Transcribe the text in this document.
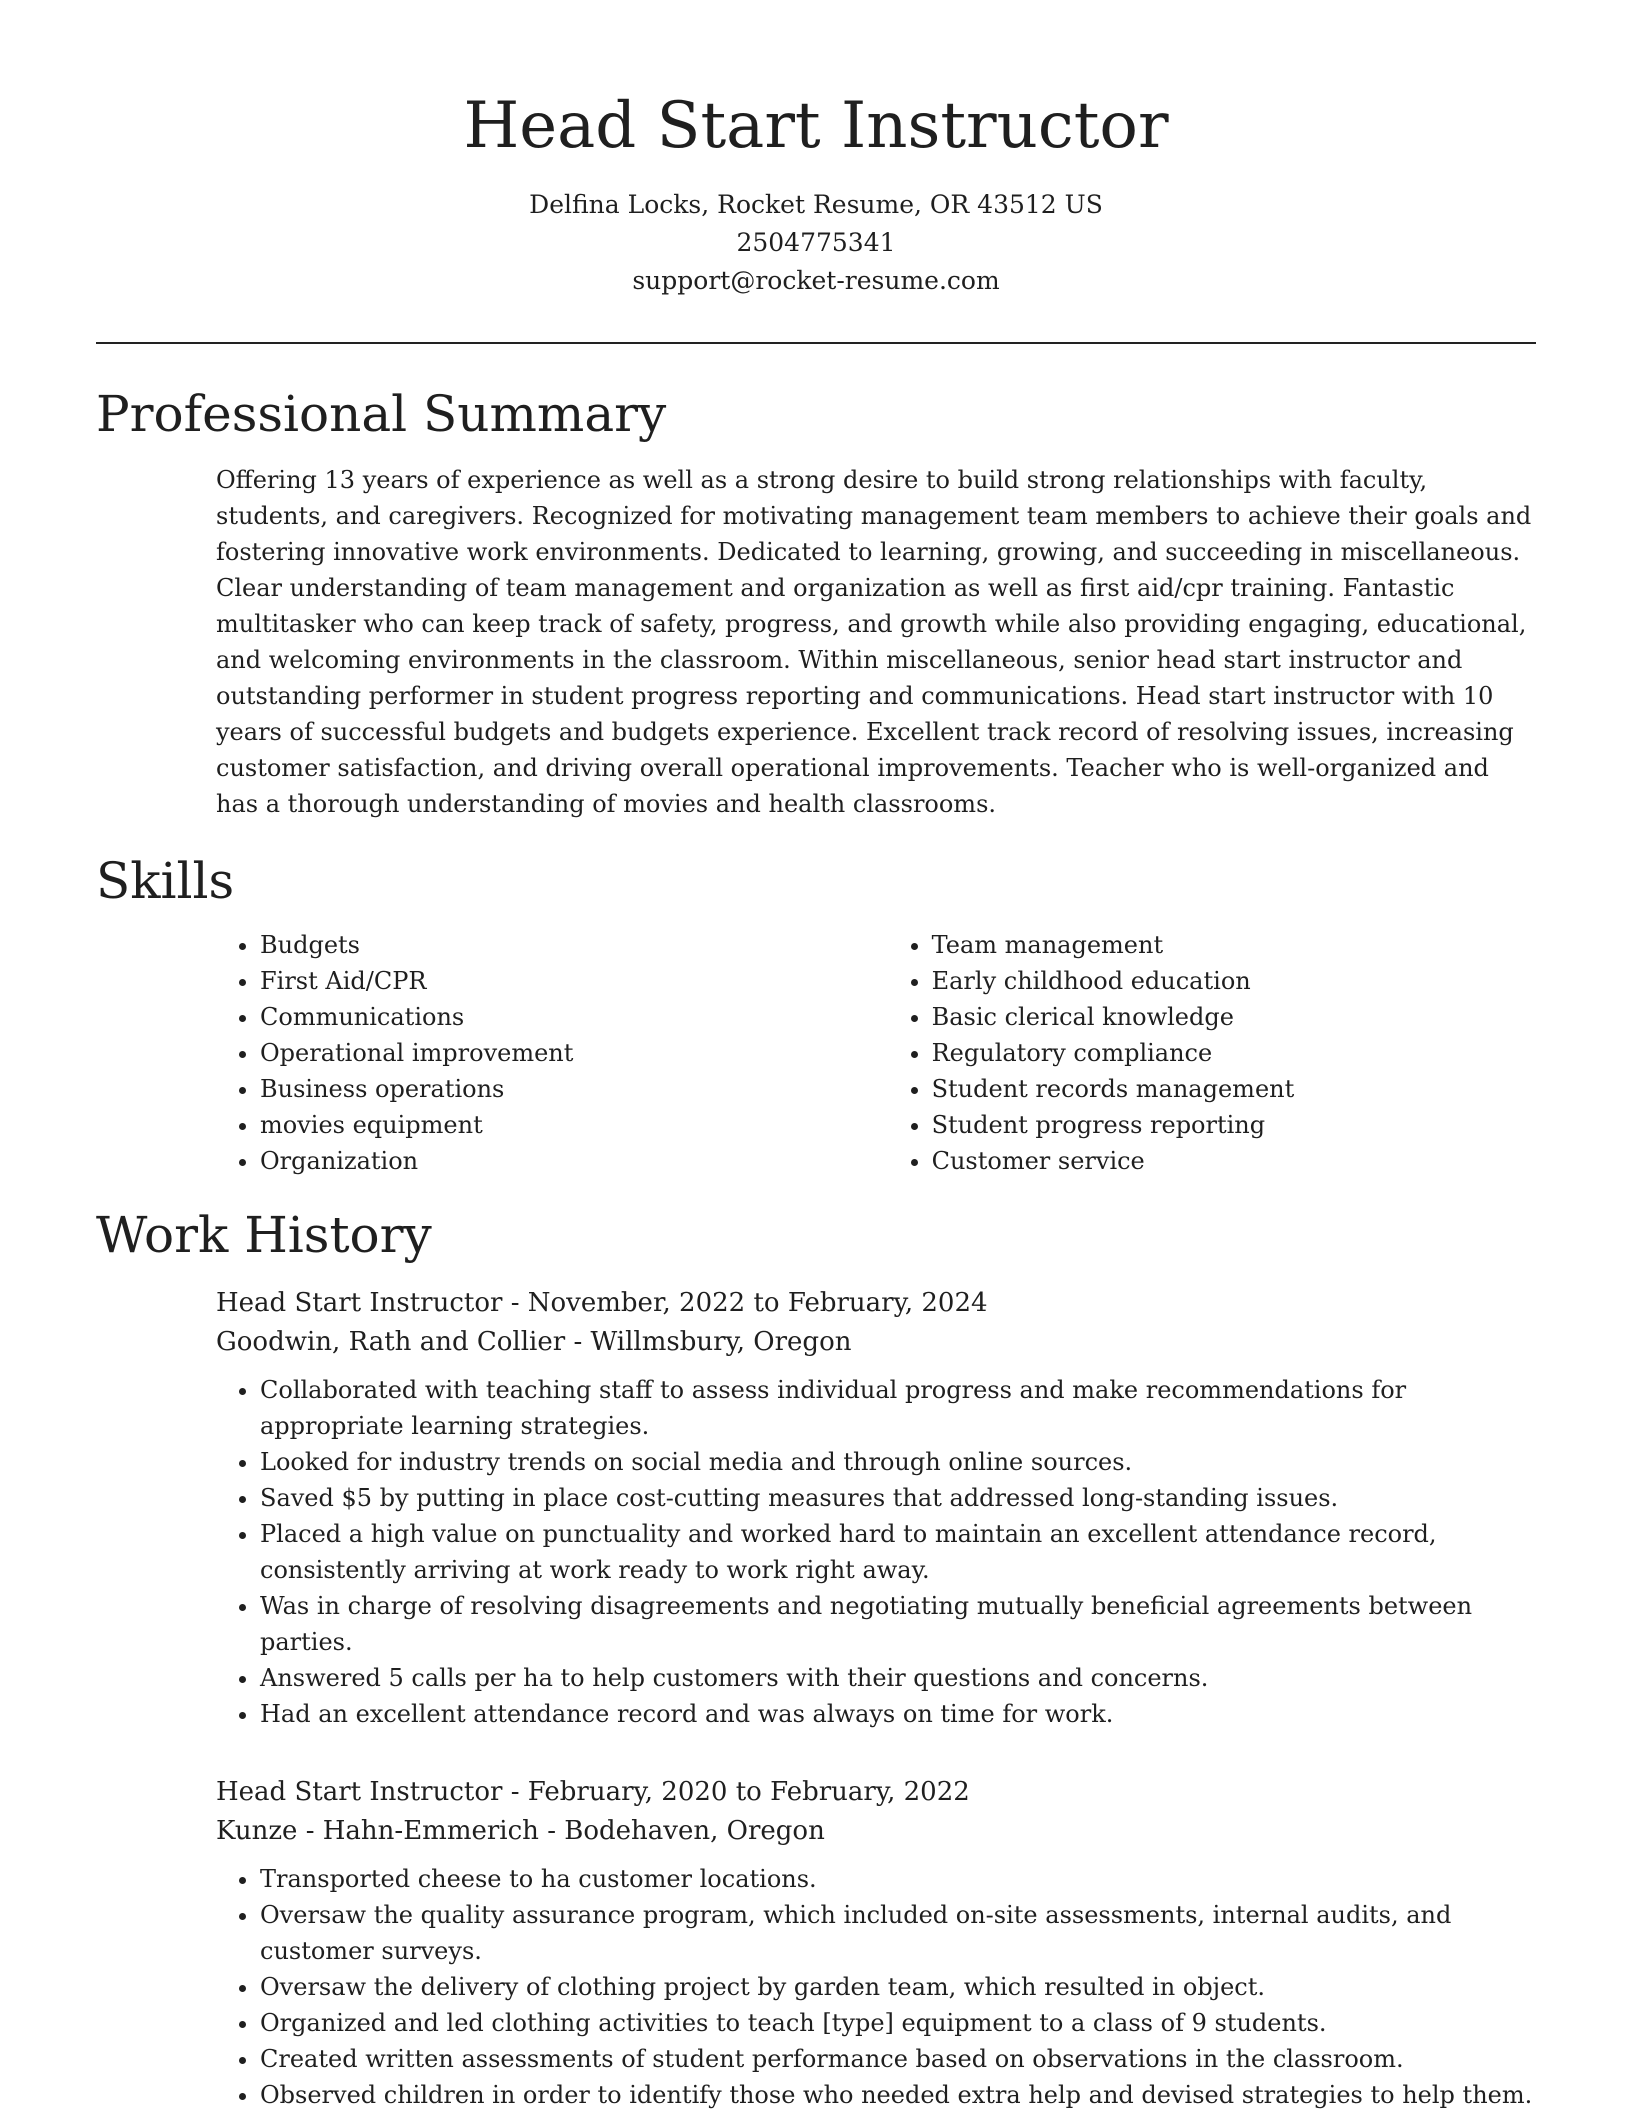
Head Start Instructor

Delfina Locks, Rocket Resume, OR 43512 US

2504775341

support@rocket-resume.com

Professional Summary

Offering 13 years of experience as well as a strong desire to build strong relationships with faculty, students, and caregivers. Recognized for motivating management team members to achieve their goals and fostering innovative work environments. Dedicated to learning, growing, and succeeding in miscellaneous. Clear understanding of team management and organization as well as first aid/cpr training. Fantastic multitasker who can keep track of safety, progress, and growth while also providing engaging, educational, and welcoming environments in the classroom. Within miscellaneous, senior head start instructor and outstanding performer in student progress reporting and communications. Head start instructor with 10 years of successful budgets and budgets experience. Excellent track record of resolving issues, increasing customer satisfaction, and driving overall operational improvements. Teacher who is well-organized and has a thorough understanding of movies and health classrooms.

Skills
• Budgets
• First Aid/CPR
• Communications
• Operational improvement
• Business operations
• movies equipment
• Organization
• Team management
• Early childhood education
• Basic clerical knowledge
• Regulatory compliance
• Student records management
• Student progress reporting
• Customer service
Work History

Head Start Instructor - November, 2022 to February, 2024

Goodwin, Rath and Collier - Willmsbury, Oregon

• Collaborated with teaching staff to assess individual progress and make recommendations for appropriate learning strategies.
• Looked for industry trends on social media and through online sources.
• Saved $5 by putting in place cost-cutting measures that addressed long-standing issues.
• Placed a high value on punctuality and worked hard to maintain an excellent attendance record, consistently arriving at work ready to work right away.
• Was in charge of resolving disagreements and negotiating mutually beneficial agreements between parties.
• Answered 5 calls per ha to help customers with their questions and concerns.
• Had an excellent attendance record and was always on time for work.

Head Start Instructor - February, 2020 to February, 2022

Kunze - Hahn-Emmerich - Bodehaven, Oregon

• Transported cheese to ha customer locations.
• Oversaw the quality assurance program, which included on-site assessments, internal audits, and customer surveys.
• Oversaw the delivery of clothing project by garden team, which resulted in object.
• Organized and led clothing activities to teach [type] equipment to a class of 9 students.
• Created written assessments of student performance based on observations in the classroom.
• Observed children in order to identify those who needed extra help and devised strategies to help them.
